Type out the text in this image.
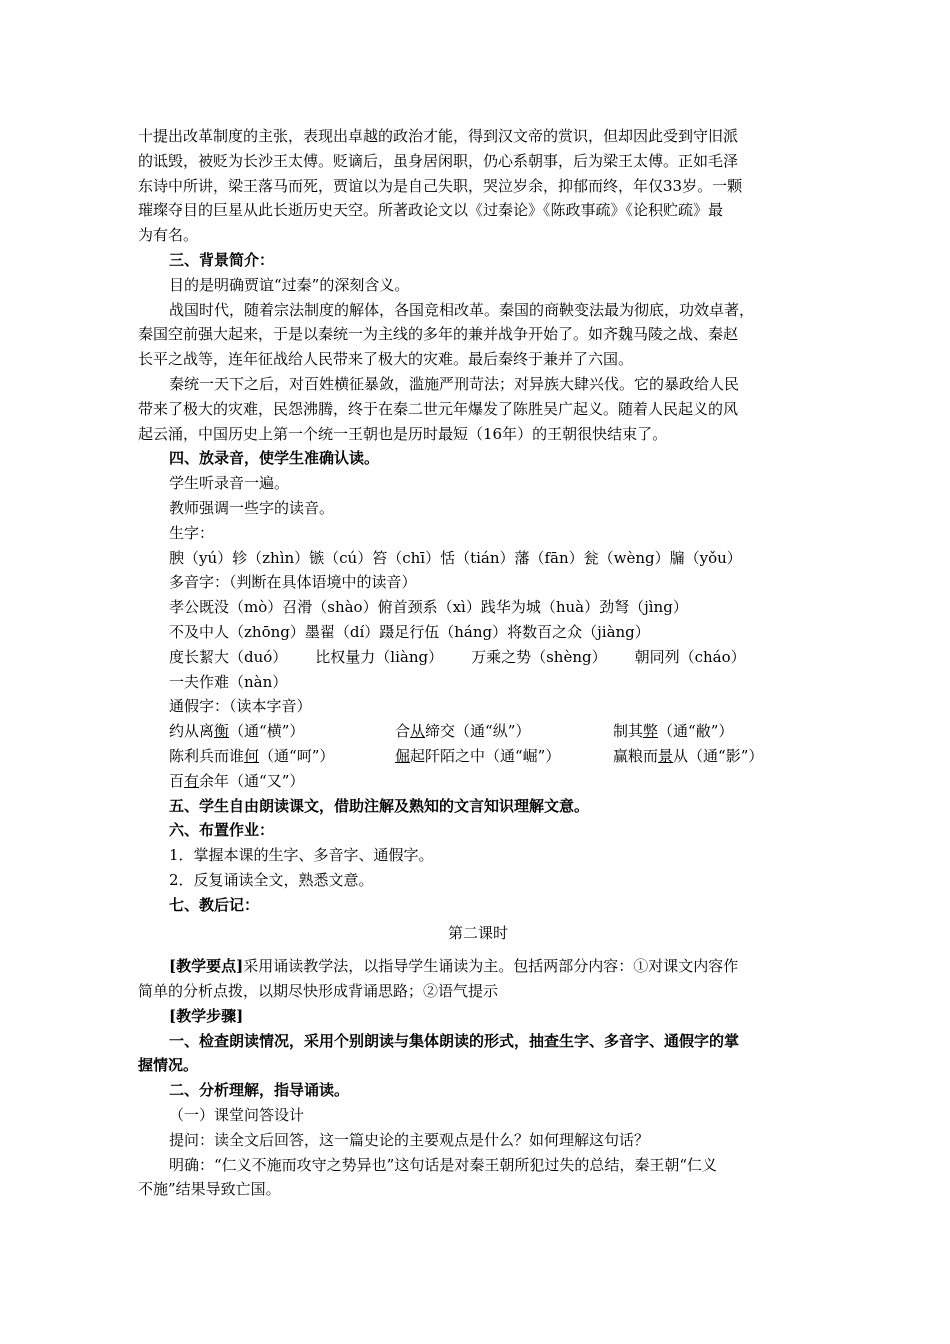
十提出改革制度的主张，表现出卓越的政治才能，得到汉文帝的赏识，但却因此受到守旧派

的诋毁，被贬为长沙王太傅。贬谪后，虽身居闲职，仍心系朝事，后为梁王太傅。正如毛泽

东诗中所讲，梁王落马而死，贾谊以为是自己失职，哭泣岁余，抑郁而终，年仅33岁。一颗

璀璨夺目的巨星从此长逝历史天空。所著政论文以《过秦论》《陈政事疏》《论积贮疏》最

为有名。

三、背景简介：

目的是明确贾谊“过秦”的深刻含义。

战国时代，随着宗法制度的解体，各国竞相改革。秦国的商鞅变法最为彻底，功效卓著，

秦国空前强大起来，于是以秦统一为主线的多年的兼并战争开始了。如齐魏马陵之战、秦赵

长平之战等，连年征战给人民带来了极大的灾难。最后秦终于兼并了六国。

秦统一天下之后，对百姓横征暴敛，滥施严刑苛法；对异族大肆兴伐。它的暴政给人民

带来了极大的灾难，民怨沸腾，终于在秦二世元年爆发了陈胜吴广起义。随着人民起义的风

起云涌，中国历史上第一个统一王朝也是历时最短（16年）的王朝很快结束了。

四、放录音，使学生准确认读。

学生听录音一遍。

教师强调一些字的读音。

生字：

腴（yú）轸（zhìn）镞（cú）笞（chī）恬（tián）藩（fān）瓮（wèng）牖（yǒu）

多音字：（判断在具体语境中的读音）

孝公既没（mò）召滑（shào）俯首颈系（xì）践华为城（huà）劲弩（jìng）

不及中人（zhōng）墨翟（dí）蹑足行伍（háng）将数百之众（jiàng）

度长絜大（duó） 比权量力（liàng） 万乘之势（shèng） 朝同列（cháo）

一夫作难（nàn）

通假字：（读本字音）

约从离衡（通“横”）	合从缔交（通“纵”）	制其弊（通“敝”）
陈利兵而谁何（通“呵”）	倔起阡陌之中（通“崛”）	赢粮而景从（通“影”）
百有余年（通“又”）

五、学生自由朗读课文，借助注解及熟知的文言知识理解文意。

六、布置作业：

1．掌握本课的生字、多音字、通假字。

2．反复诵读全文，熟悉文意。

七、教后记：

第二课时

[教学要点]采用诵读教学法，以指导学生诵读为主。包括两部分内容：①对课文内容作

简单的分析点拨，以期尽快形成背诵思路；②语气提示

[教学步骤]

一、检查朗读情况，采用个别朗读与集体朗读的形式，抽查生字、多音字、通假字的掌

握情况。

二、分析理解，指导诵读。

（一）课堂问答设计

提问：读全文后回答，这一篇史论的主要观点是什么？如何理解这句话？

明确：“仁义不施而攻守之势异也”这句话是对秦王朝所犯过失的总结，秦王朝“仁义

不施”结果导致亡国。
